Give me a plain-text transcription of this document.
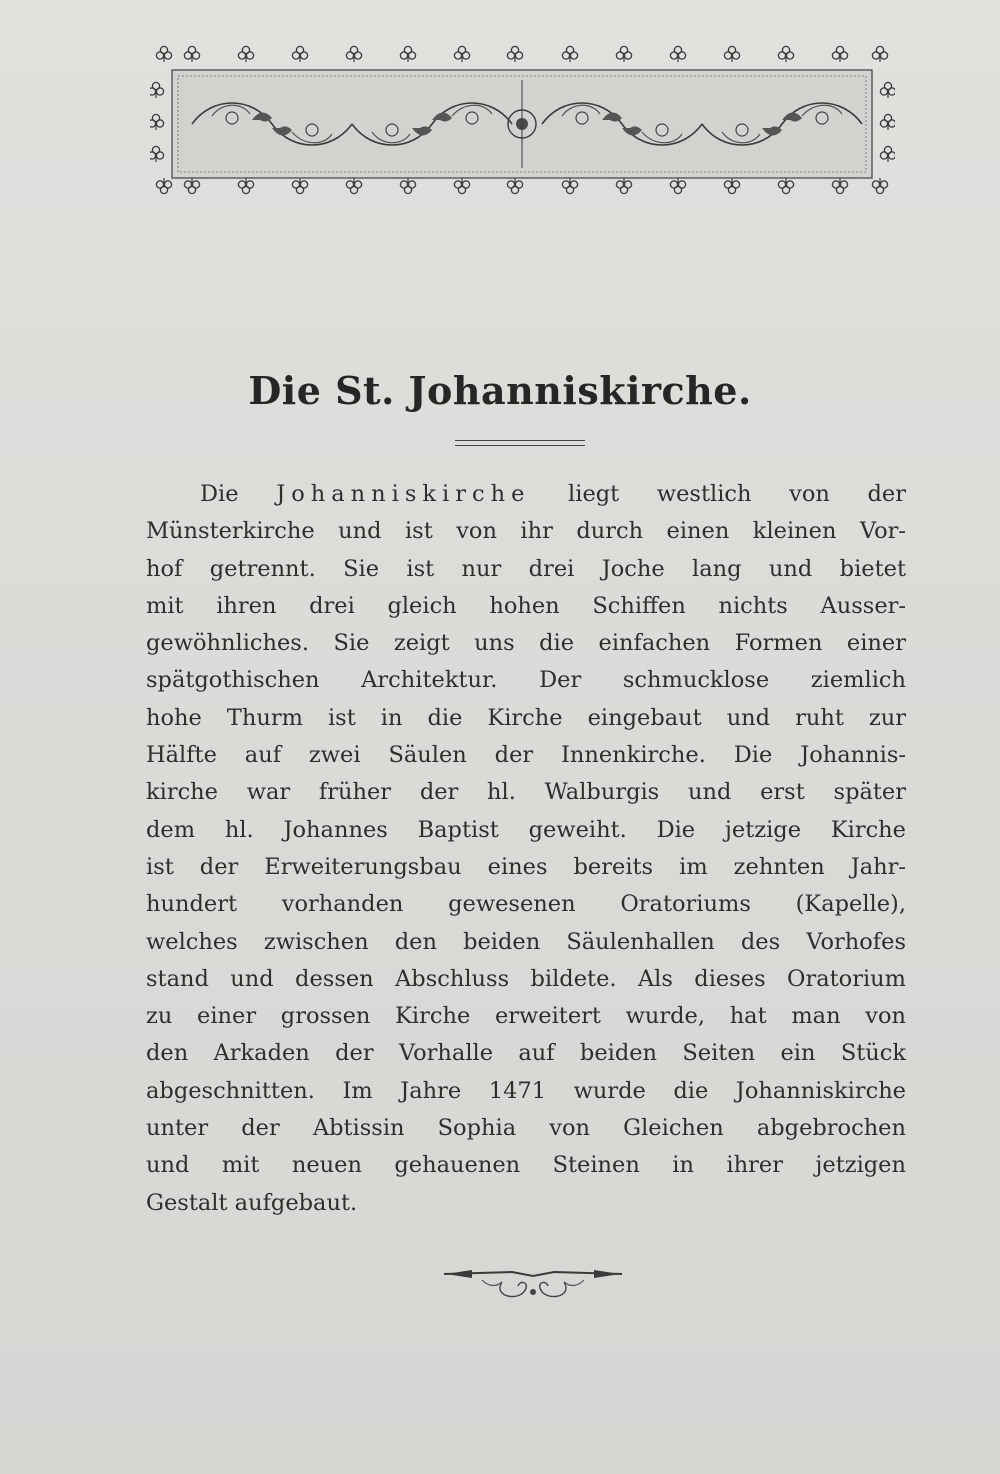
Die St. Johanniskirche.
Die Johanniskirche liegt westlich von der
Münsterkirche und ist von ihr durch einen kleinen Vor-
hof getrennt. Sie ist nur drei Joche lang und bietet
mit ihren drei gleich hohen Schiffen nichts Ausser-
gewöhnliches. Sie zeigt uns die einfachen Formen einer
spätgothischen Architektur. Der schmucklose ziemlich
hohe Thurm ist in die Kirche eingebaut und ruht zur
Hälfte auf zwei Säulen der Innenkirche. Die Johannis-
kirche war früher der hl. Walburgis und erst später
dem hl. Johannes Baptist geweiht. Die jetzige Kirche
ist der Erweiterungsbau eines bereits im zehnten Jahr-
hundert vorhanden gewesenen Oratoriums (Kapelle),
welches zwischen den beiden Säulenhallen des Vorhofes
stand und dessen Abschluss bildete. Als dieses Oratorium
zu einer grossen Kirche erweitert wurde, hat man von
den Arkaden der Vorhalle auf beiden Seiten ein Stück
abgeschnitten. Im Jahre 1471 wurde die Johanniskirche
unter der Abtissin Sophia von Gleichen abgebrochen
und mit neuen gehauenen Steinen in ihrer jetzigen
Gestalt aufgebaut.
